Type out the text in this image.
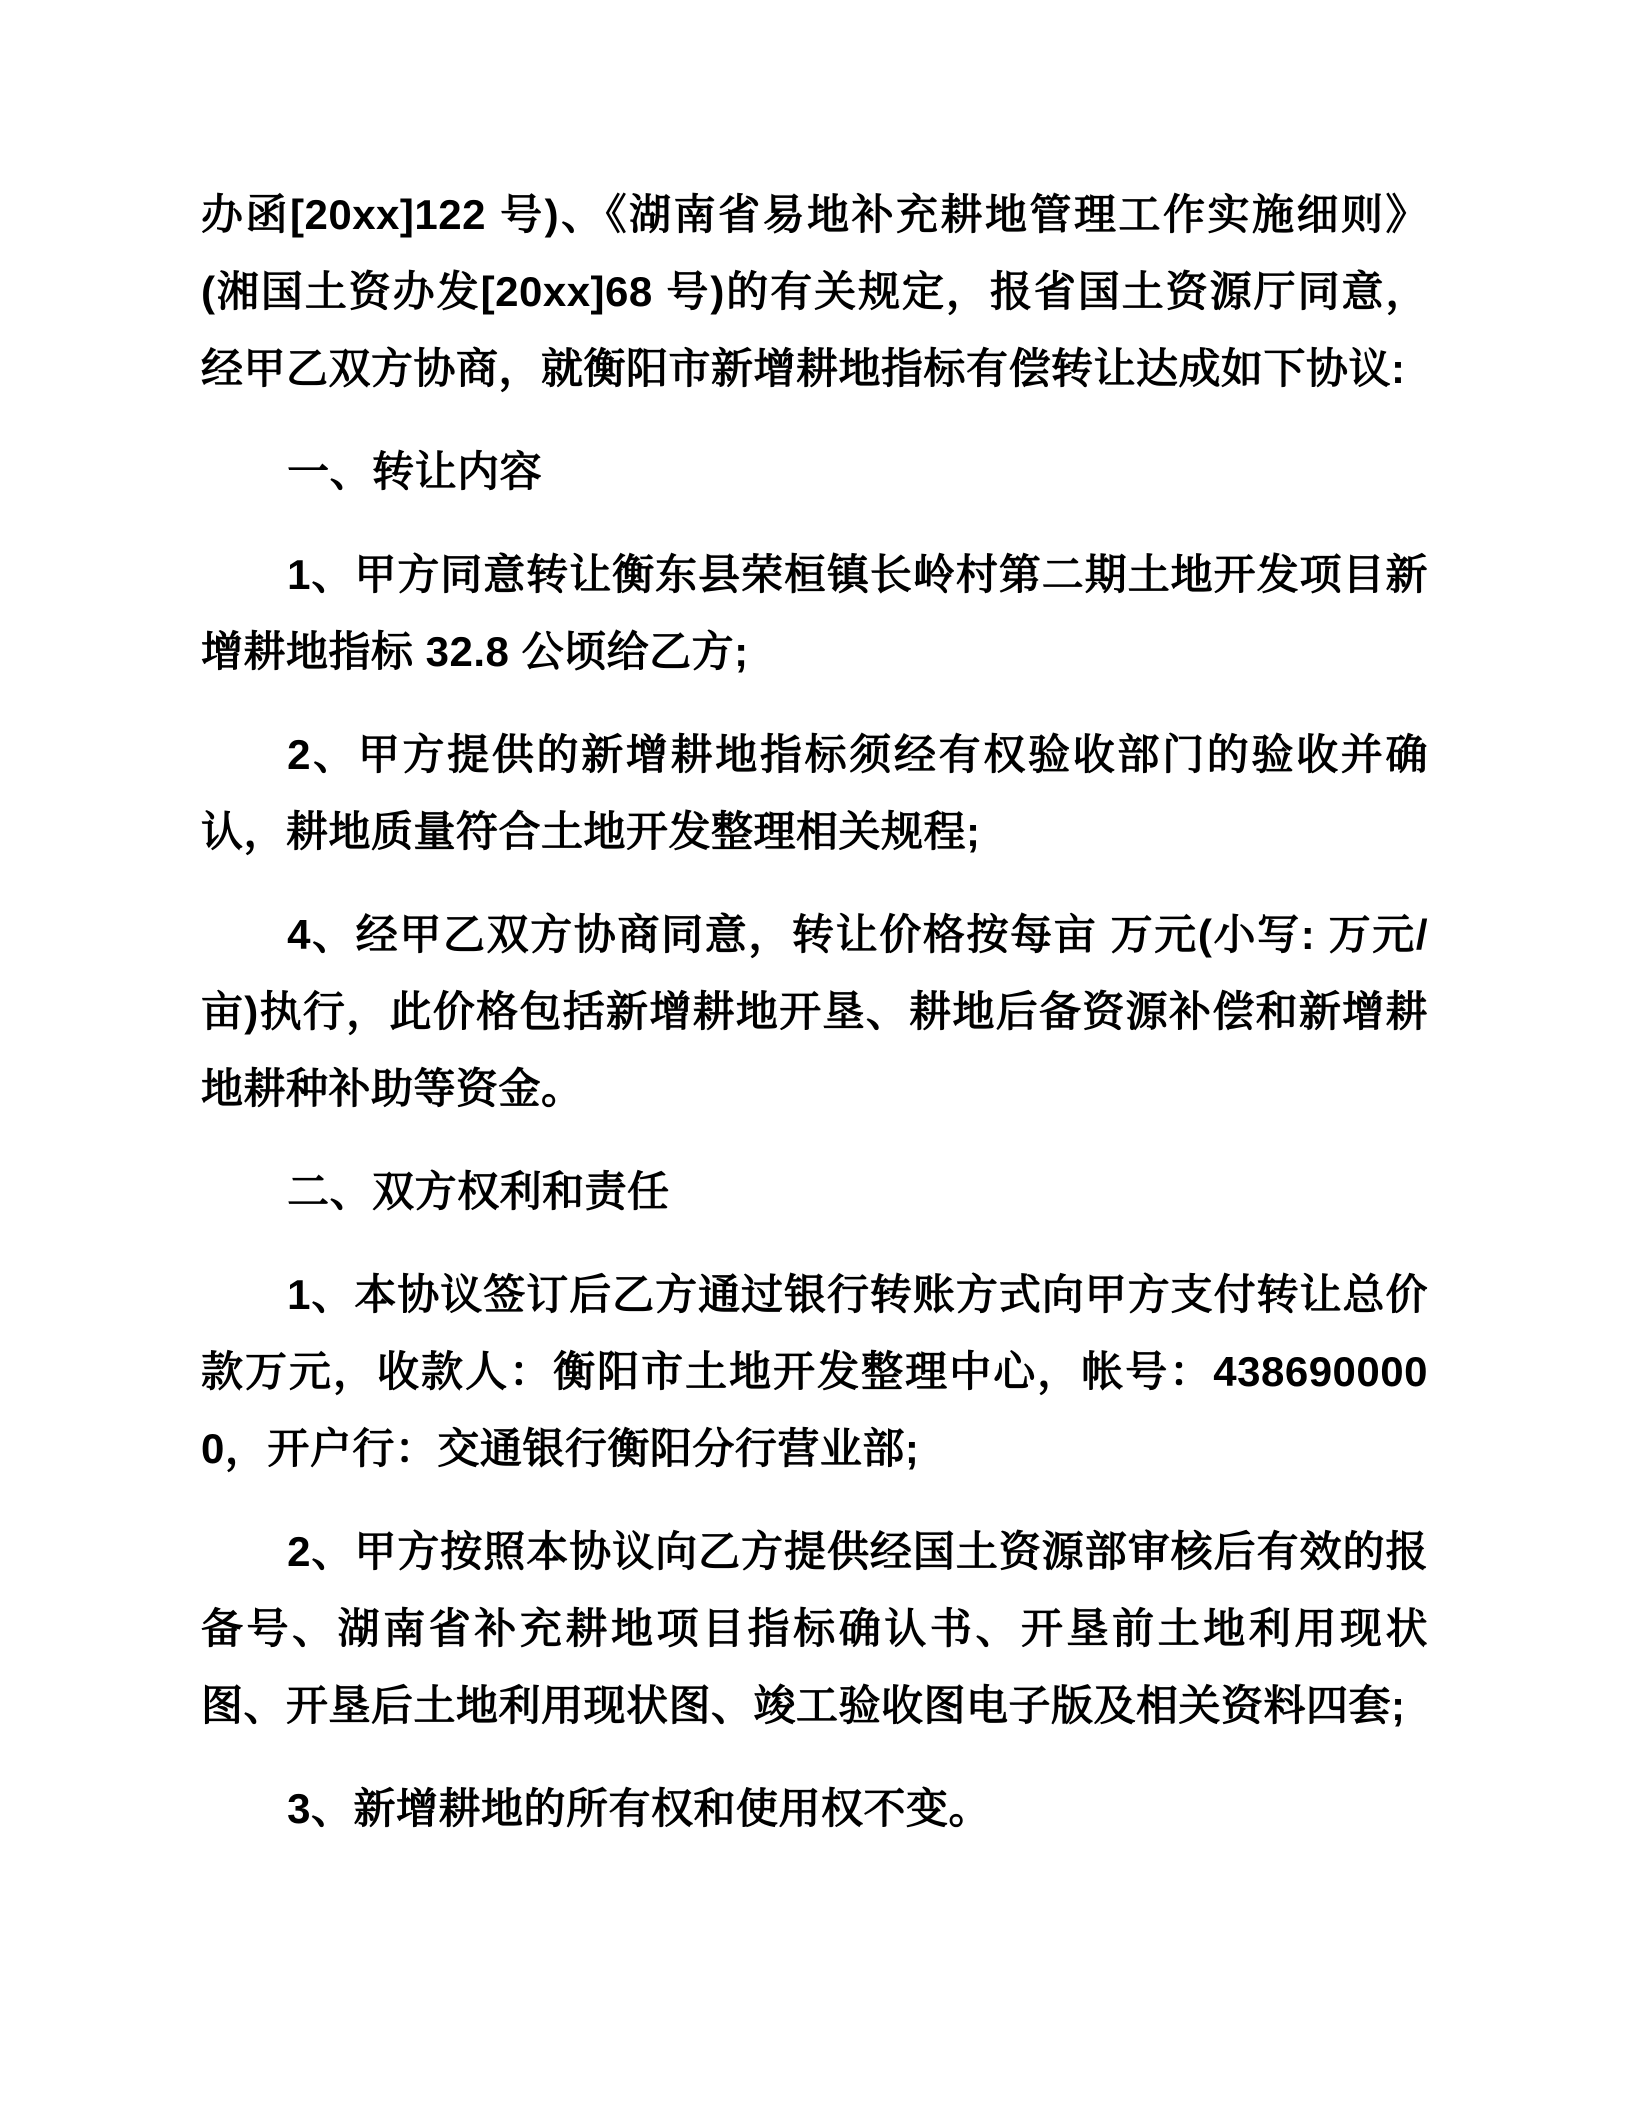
办函[20xx]122 号)、《湖南省易地补充耕地管理工作实施细则》(湘国土资办发[20xx]68 号)的有关规定，报省国土资源厅同意，经甲乙双方协商，就衡阳市新增耕地指标有偿转让达成如下协议:

一、转让内容

1、甲方同意转让衡东县荣桓镇长岭村第二期土地开发项目新增耕地指标 32.8 公顷给乙方;

2、甲方提供的新增耕地指标须经有权验收部门的验收并确认，耕地质量符合土地开发整理相关规程;

4、经甲乙双方协商同意，转让价格按每亩 万元(小写: 万元/亩)执行，此价格包括新增耕地开垦、耕地后备资源补偿和新增耕地耕种补助等资金。

二、双方权利和责任

1、本协议签订后乙方通过银行转账方式向甲方支付转让总价款万元，收款人：衡阳市土地开发整理中心，帐号：4386900000，开户行：交通银行衡阳分行营业部;

2、甲方按照本协议向乙方提供经国土资源部审核后有效的报备号、湖南省补充耕地项目指标确认书、开垦前土地利用现状图、开垦后土地利用现状图、竣工验收图电子版及相关资料四套;

3、新增耕地的所有权和使用权不变。
